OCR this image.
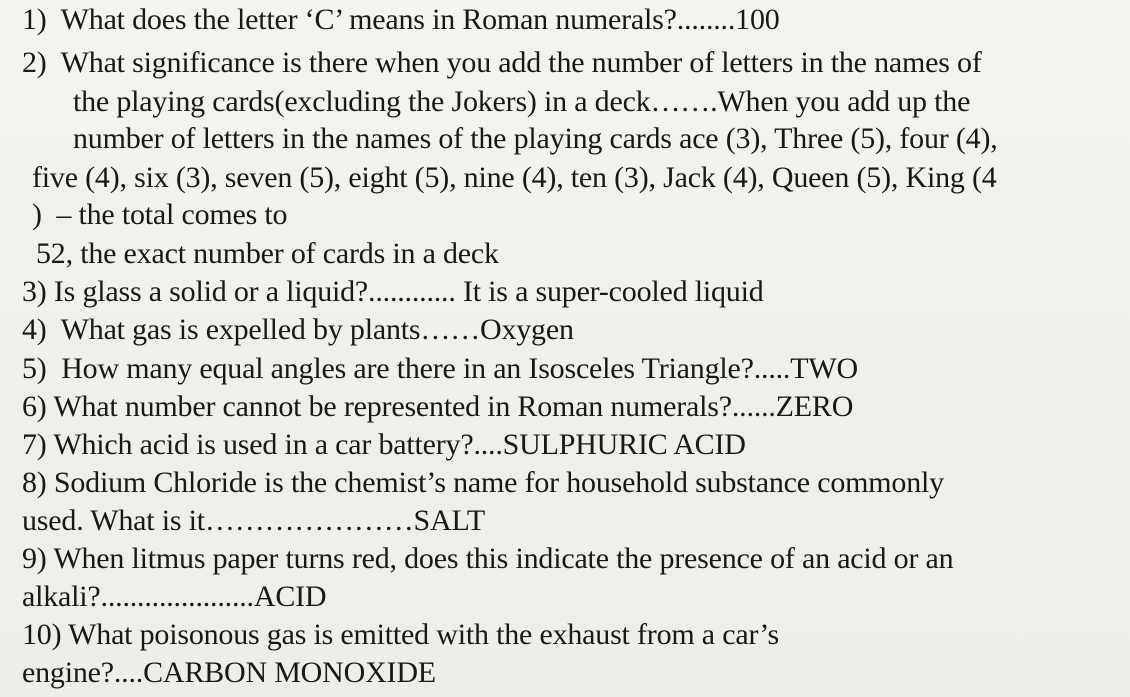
1)  What does the letter ‘C’ means in Roman numerals?........100
2)  What significance is there when you add the number of letters in the names of
the playing cards(excluding the Jokers) in a deck…….When you add up the
number of letters in the names of the playing cards ace (3), Three (5), four (4),
five (4), six (3), seven (5), eight (5), nine (4), ten (3), Jack (4), Queen (5), King (4
)  – the total comes to
52, the exact number of cards in a deck
3) Is glass a solid or a liquid?............ It is a super-cooled liquid
4)  What gas is expelled by plants……Oxygen
5)  How many equal angles are there in an Isosceles Triangle?.....TWO
6) What number cannot be represented in Roman numerals?......ZERO
7) Which acid is used in a car battery?....SULPHURIC ACID
8) Sodium Chloride is the chemist’s name for household substance commonly
used. What is it…………………SALT
9) When litmus paper turns red, does this indicate the presence of an acid or an
alkali?.....................ACID
10) What poisonous gas is emitted with the exhaust from a car’s
engine?....CARBON MONOXIDE
